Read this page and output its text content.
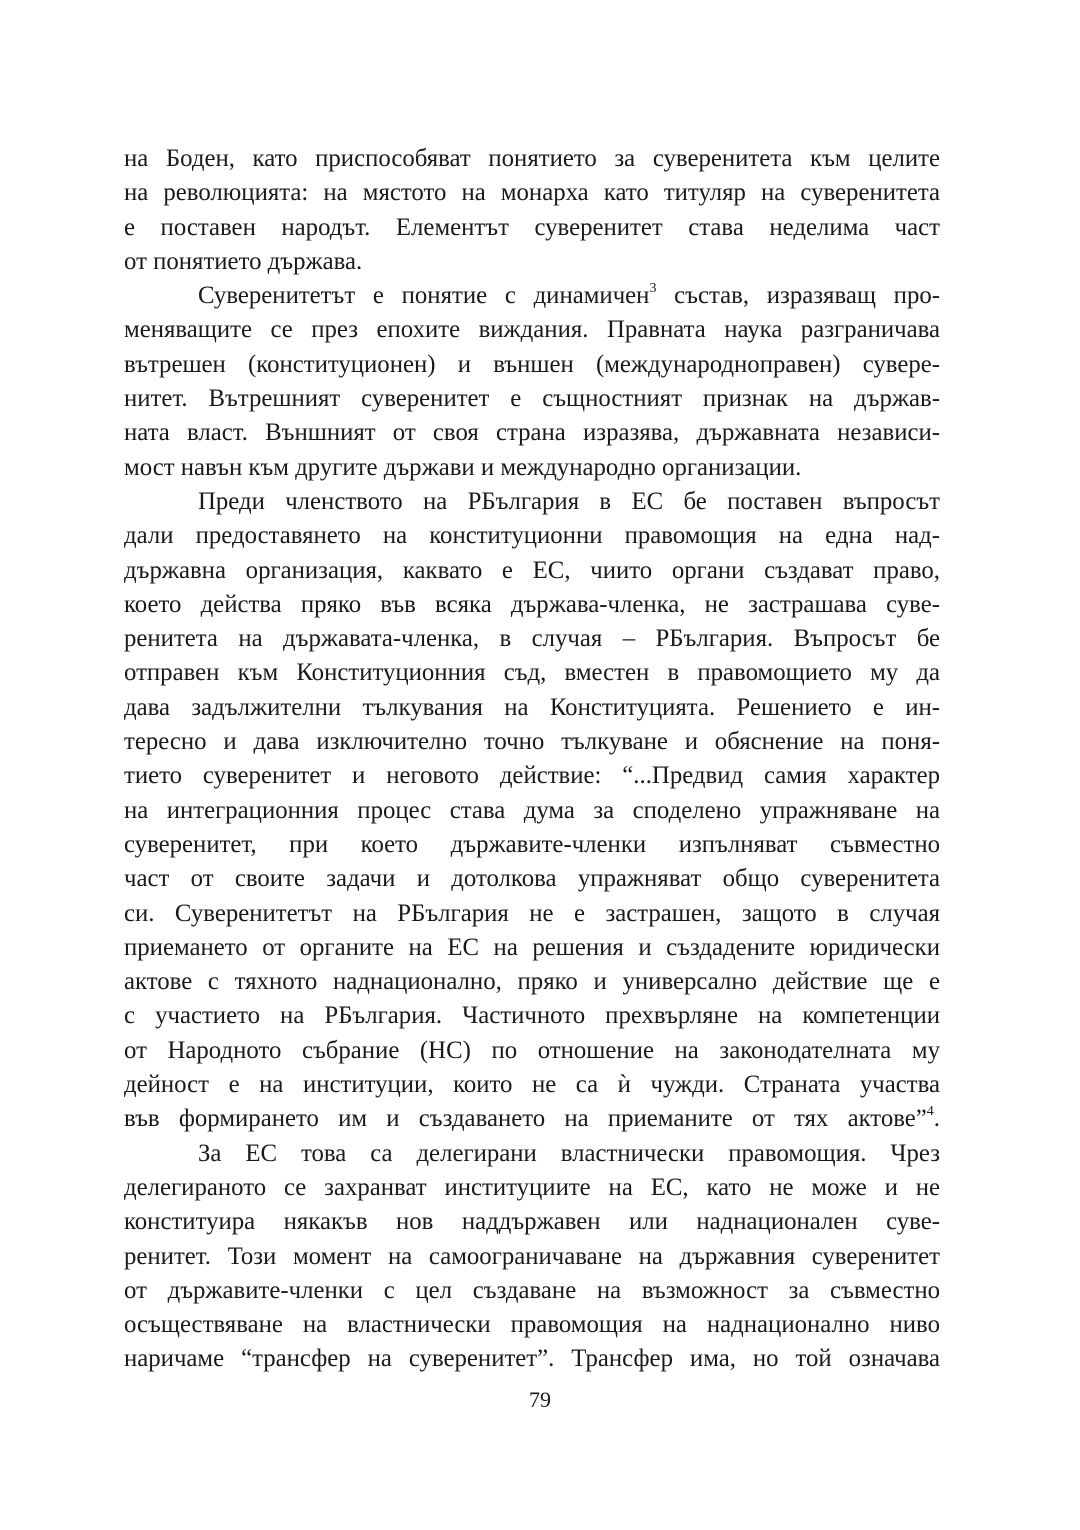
на Боден, като приспособяват понятието за суверенитета към целите
на революцията: на мястото на монарха като титуляр на суверенитета
е поставен народът. Елементът суверенитет става неделима част
от понятието държава.
Суверенитетът е понятие с динамичен$^3$ състав, изразяващ про-
меняващите се през епохите виждания. Правната наука разграничава
вътрешен (конституционен) и външен (международноправен) сувере-
нитет. Вътрешният суверенитет е същностният признак на държав-
ната власт. Външният от своя страна изразява, държавната независи-
мост навън към другите държави и международно организации.
Преди членството на РБългария в ЕС бе поставен въпросът
дали предоставянето на конституционни правомощия на една над-
държавна организация, каквато е ЕС, чиито органи създават право,
което действа пряко във всяка държава-членка, не застрашава суве-
ренитета на държавата-членка, в случая – РБългария. Въпросът бе
отправен към Конституционния съд, вместен в правомощието му да
дава задължителни тълкувания на Конституцията. Решението е ин-
тересно и дава изключително точно тълкуване и обяснение на поня-
тието суверенитет и неговото действие: “...Предвид самия характер
на интеграционния процес става дума за споделено упражняване на
суверенитет, при което държавите-членки изпълняват съвместно
част от своите задачи и дотолкова упражняват общо суверенитета
си. Суверенитетът на РБългария не е застрашен, защото в случая
приемането от органите на ЕС на решения и създадените юридически
актове с тяхното наднационално, пряко и универсално действие ще е
с участието на РБългария. Частичното прехвърляне на компетенции
от Народното събрание (НС) по отношение на законодателната му
дейност е на институции, които не са ѝ чужди. Страната участва
във формирането им и създаването на приеманите от тях актове”$^4$.
За ЕС това са делегирани властнически правомощия. Чрез
делегираното се захранват институциите на ЕС, като не може и не
конституира някакъв нов наддържавен или наднационален суве-
ренитет. Този момент на самоограничаване на държавния суверенитет
от държавите-членки с цел създаване на възможност за съвместно
осъществяване на властнически правомощия на наднационално ниво
наричаме “трансфер на суверенитет”. Трансфер има, но той означава
79
